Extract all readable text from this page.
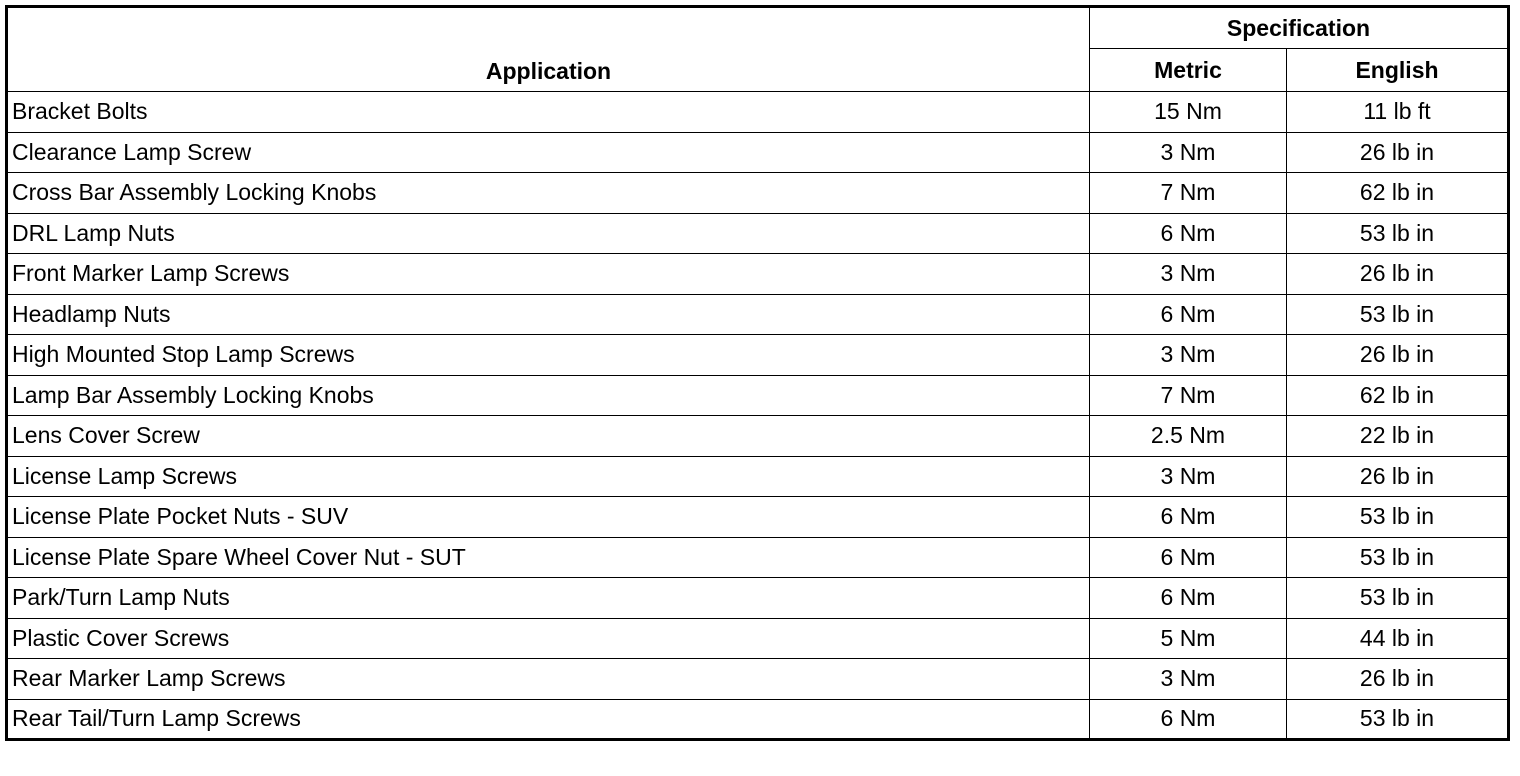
Application	Specification	
	Metric	English
Bracket Bolts	15 Nm	11 lb ft
Clearance Lamp Screw	3 Nm	26 lb in
Cross Bar Assembly Locking Knobs	7 Nm	62 lb in
DRL Lamp Nuts	6 Nm	53 lb in
Front Marker Lamp Screws	3 Nm	26 lb in
Headlamp Nuts	6 Nm	53 lb in
High Mounted Stop Lamp Screws	3 Nm	26 lb in
Lamp Bar Assembly Locking Knobs	7 Nm	62 lb in
Lens Cover Screw	2.5 Nm	22 lb in
License Lamp Screws	3 Nm	26 lb in
License Plate Pocket Nuts - SUV	6 Nm	53 lb in
License Plate Spare Wheel Cover Nut - SUT	6 Nm	53 lb in
Park/Turn Lamp Nuts	6 Nm	53 lb in
Plastic Cover Screws	5 Nm	44 lb in
Rear Marker Lamp Screws	3 Nm	26 lb in
Rear Tail/Turn Lamp Screws	6 Nm	53 lb in
